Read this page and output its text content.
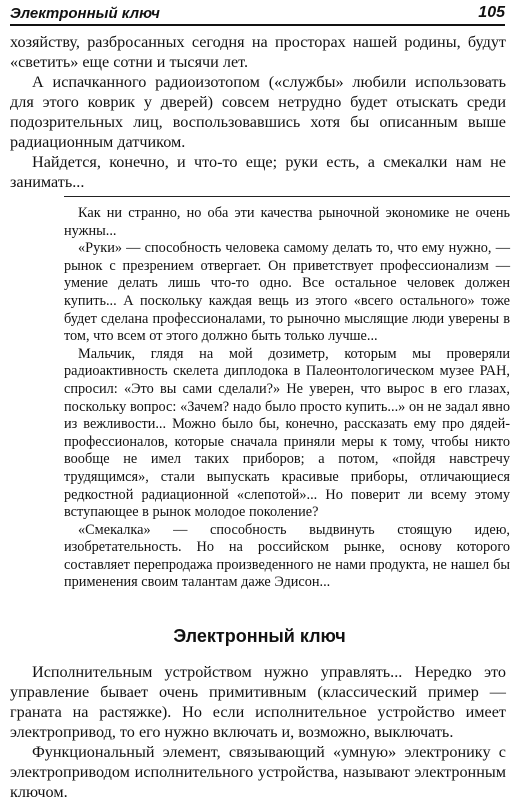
Электронный ключ	105

хозяйству, разбросанных сегодня на просторах нашей родины, будут «светить» еще сотни и тысячи лет.

А испачканного радиоизотопом («службы» любили использовать для этого коврик у дверей) совсем нетрудно будет отыскать среди подозрительных лиц, воспользовавшись хотя бы описанным выше радиационным датчиком.

Найдется, конечно, и что-то еще; руки есть, а смекалки нам не занимать...

Как ни странно, но оба эти качества рыночной экономике не очень нужны...

«Руки» — способность человека самому делать то, что ему нужно, — рынок с презрением отвергает. Он приветствует профессионализм — умение делать лишь что-то одно. Все остальное человек должен купить... А поскольку каждая вещь из этого «всего остального» тоже будет сделана профессионалами, то рыночно мыслящие люди уверены в том, что всем от этого должно быть только лучше...

Мальчик, глядя на мой дозиметр, которым мы проверяли радиоактивность скелета диплодока в Палеонтологическом музее РАН, спросил: «Это вы сами сделали?» Не уверен, что вырос в его глазах, поскольку вопрос: «Зачем? надо было просто купить...» он не задал явно из вежливости... Можно было бы, конечно, рассказать ему про дядей-профессионалов, которые сначала приняли меры к тому, чтобы никто вообще не имел таких приборов; а потом, «пойдя навстречу трудящимся», стали выпускать красивые приборы, отличающиеся редкостной радиационной «слепотой»... Но поверит ли всему этому вступающее в рынок молодое поколение?

«Смекалка» — способность выдвинуть стоящую идею, изобретательность. Но на российском рынке, основу которого составляет перепродажа произведенного не нами продукта, не нашел бы применения своим талантам даже Эдисон...

Электронный ключ

Исполнительным устройством нужно управлять... Нередко это управление бывает очень примитивным (классический пример — граната на растяжке). Но если исполнительное устройство имеет электропривод, то его нужно включать и, возможно, выключать.

Функциональный элемент, связывающий «умную» электронику с электроприводом исполнительного устройства, называют электронным ключом.
